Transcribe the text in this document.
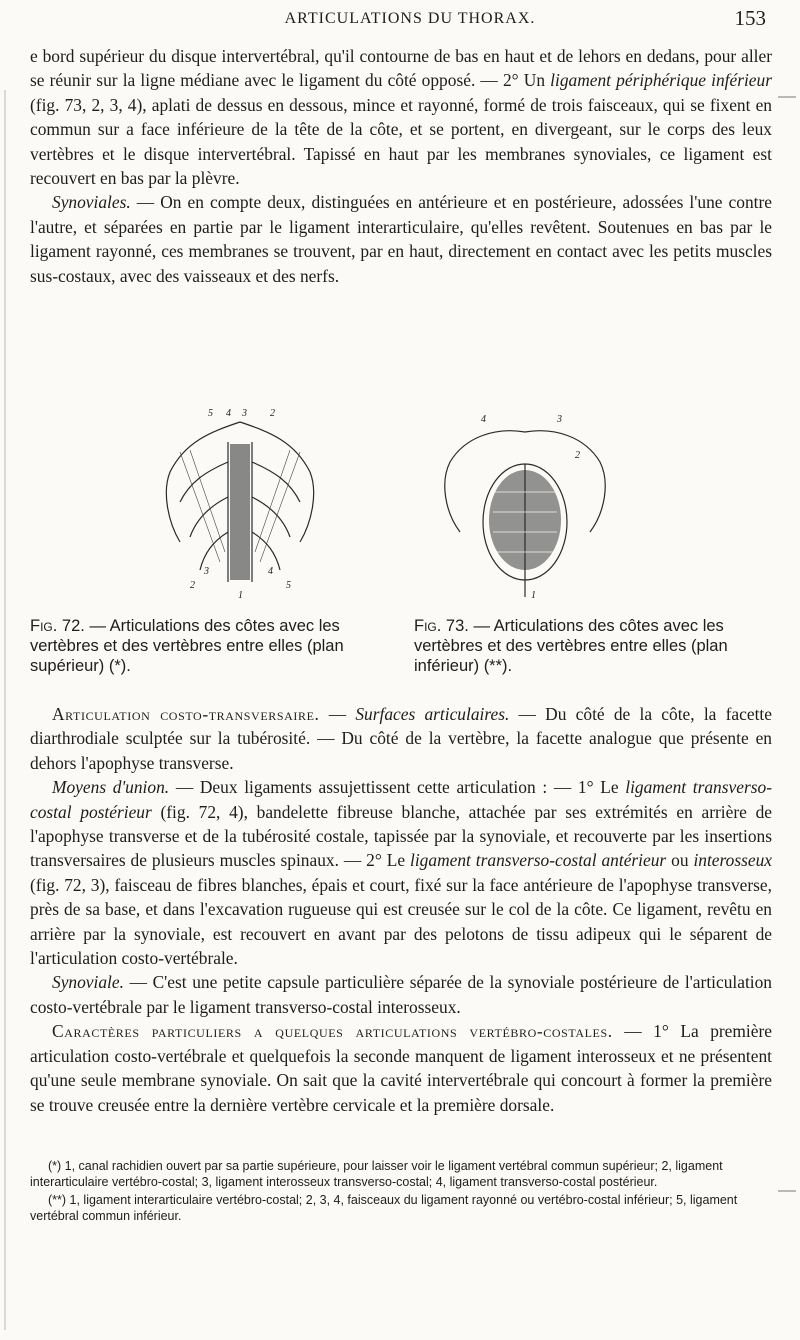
ARTICULATIONS DU THORAX.	153

e bord supérieur du disque intervertébral, qu'il contourne de bas en haut et de lehors en dedans, pour aller se réunir sur la ligne médiane avec le ligament du côté opposé. — 2° Un ligament périphérique inférieur (fig. 73, 2, 3, 4), aplati de dessus en dessous, mince et rayonné, formé de trois faisceaux, qui se fixent en commun sur a face inférieure de la tête de la côte, et se portent, en divergeant, sur le corps des leux vertèbres et le disque intervertébral. Tapissé en haut par les membranes synoviales, ce ligament est recouvert en bas par la plèvre.

Synoviales. — On en compte deux, distinguées en antérieure et en postérieure, adossées l'une contre l'autre, et séparées en partie par le ligament interarticulaire, qu'elles revêtent. Soutenues en bas par le ligament rayonné, ces membranes se trouvent, par en haut, directement en contact avec les petits muscles sus-costaux, avec des vaisseaux et des nerfs.

5 4 3 2
1
2
3	4
5
4	3
2
1
Fig. 72. — Articulations des côtes avec les vertèbres et des vertèbres entre elles (plan supérieur) (*).
Fig. 73. — Articulations des côtes avec les vertèbres et des vertèbres entre elles (plan inférieur) (**).

Articulation costo-transversaire. — Surfaces articulaires. — Du côté de la côte, la facette diarthrodiale sculptée sur la tubérosité. — Du côté de la vertèbre, la facette analogue que présente en dehors l'apophyse transverse.

Moyens d'union. — Deux ligaments assujettissent cette articulation : — 1° Le ligament transverso-costal postérieur (fig. 72, 4), bandelette fibreuse blanche, attachée par ses extrémités en arrière de l'apophyse transverse et de la tubérosité costale, tapissée par la synoviale, et recouverte par les insertions transversaires de plusieurs muscles spinaux. — 2° Le ligament transverso-costal antérieur ou interosseux (fig. 72, 3), faisceau de fibres blanches, épais et court, fixé sur la face antérieure de l'apophyse transverse, près de sa base, et dans l'excavation rugueuse qui est creusée sur le col de la côte. Ce ligament, revêtu en arrière par la synoviale, est recouvert en avant par des pelotons de tissu adipeux qui le séparent de l'articulation costo-vertébrale.

Synoviale. — C'est une petite capsule particulière séparée de la synoviale postérieure de l'articulation costo-vertébrale par le ligament transverso-costal interosseux.

Caractères particuliers a quelques articulations vertébro-costales. — 1° La première articulation costo-vertébrale et quelquefois la seconde manquent de ligament interosseux et ne présentent qu'une seule membrane synoviale. On sait que la cavité intervertébrale qui concourt à former la première se trouve creusée entre la dernière vertèbre cervicale et la première dorsale.

(*) 1, canal rachidien ouvert par sa partie supérieure, pour laisser voir le ligament vertébral commun supérieur; 2, ligament interarticulaire vertébro-costal; 3, ligament interosseux transverso-costal; 4, ligament transverso-costal postérieur.

(**) 1, ligament interarticulaire vertébro-costal; 2, 3, 4, faisceaux du ligament rayonné ou vertébro-costal inférieur; 5, ligament vertébral commun inférieur.
